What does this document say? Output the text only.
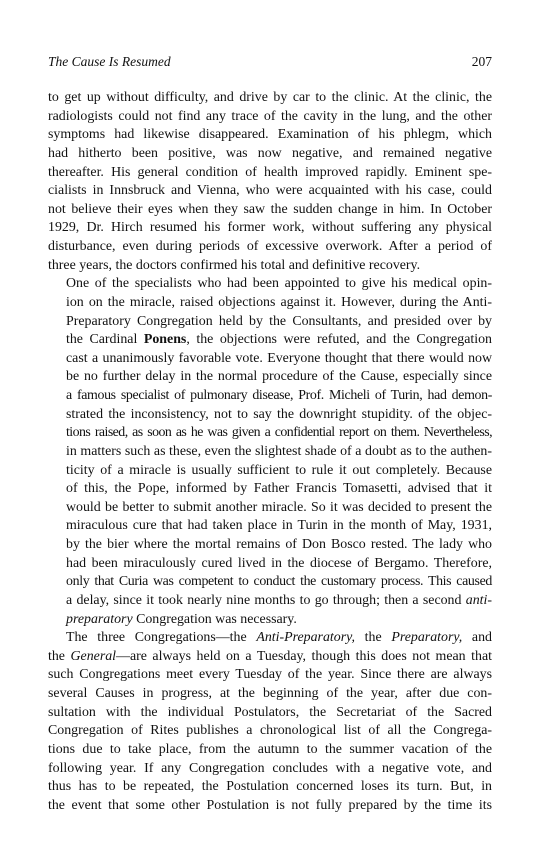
The Cause Is Resumed	207

to get up without difficulty, and drive by car to the clinic. At the clinic, the
radiologists could not find any trace of the cavity in the lung, and the other
symptoms had likewise disappeared. Examination of his phlegm, which
had hitherto been positive, was now negative, and remained negative
thereafter. His general condition of health improved rapidly. Eminent spe-
cialists in Innsbruck and Vienna, who were acquainted with his case, could
not believe their eyes when they saw the sudden change in him. In October
1929, Dr. Hirch resumed his former work, without suffering any physical
disturbance, even during periods of excessive overwork. After a period of
three years, the doctors confirmed his total and definitive recovery.

One of the specialists who had been appointed to give his medical opin-
ion on the miracle, raised objections against it. However, during the Anti-
Preparatory Congregation held by the Consultants, and presided over by
the Cardinal Ponens, the objections were refuted, and the Congregation
cast a unanimously favorable vote. Everyone thought that there would now
be no further delay in the normal procedure of the Cause, especially since
a famous specialist of pulmonary disease, Prof. Micheli of Turin, had demon-
strated the inconsistency, not to say the downright stupidity. of the objec-
tions raised, as soon as he was given a confidential report on them. Nevertheless,
in matters such as these, even the slightest shade of a doubt as to the authen-
ticity of a miracle is usually sufficient to rule it out completely. Because
of this, the Pope, informed by Father Francis Tomasetti, advised that it
would be better to submit another miracle. So it was decided to present the
miraculous cure that had taken place in Turin in the month of May, 1931,
by the bier where the mortal remains of Don Bosco rested. The lady who
had been miraculously cured lived in the diocese of Bergamo. Therefore,
only that Curia was competent to conduct the customary process. This caused
a delay, since it took nearly nine months to go through; then a second anti-
preparatory Congregation was necessary.

The three Congregations—the Anti-Preparatory, the Preparatory, and
the General—are always held on a Tuesday, though this does not mean that
such Congregations meet every Tuesday of the year. Since there are always
several Causes in progress, at the beginning of the year, after due con-
sultation with the individual Postulators, the Secretariat of the Sacred
Congregation of Rites publishes a chronological list of all the Congrega-
tions due to take place, from the autumn to the summer vacation of the
following year. If any Congregation concludes with a negative vote, and
thus has to be repeated, the Postulation concerned loses its turn. But, in
the event that some other Postulation is not fully prepared by the time its
